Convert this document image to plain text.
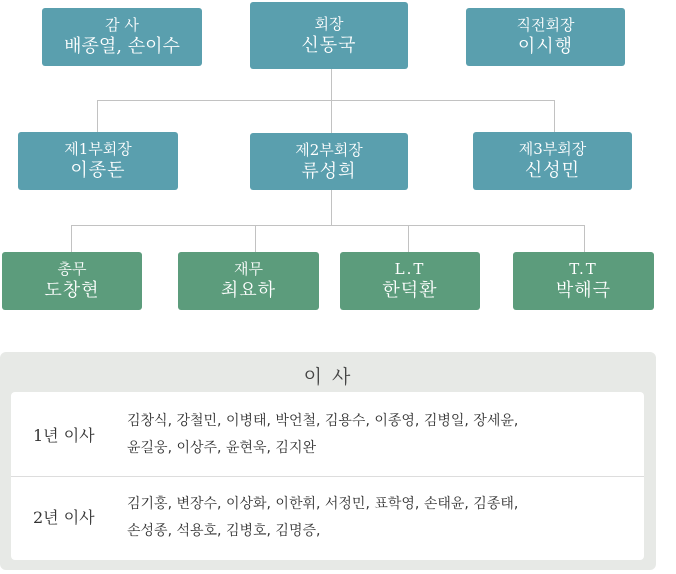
감 사
배종열, 손이수
회장
신동국
직전회장
이시행
제1부회장
이종돈
제2부회장
류성희
제3부회장
신성민
총무
도창현
재무
최요하
L.T
한덕환
T.T
박해극
이 사
1년 이사
김창식, 강철민, 이병태, 박언철, 김용수, 이종영, 김병일, 장세윤,
윤길웅, 이상주, 윤현욱, 김지완
2년 이사
김기홍, 변장수, 이상화, 이한휘, 서정민, 표학영, 손태윤, 김종태,
손성종, 석용호, 김병호, 김명증,
